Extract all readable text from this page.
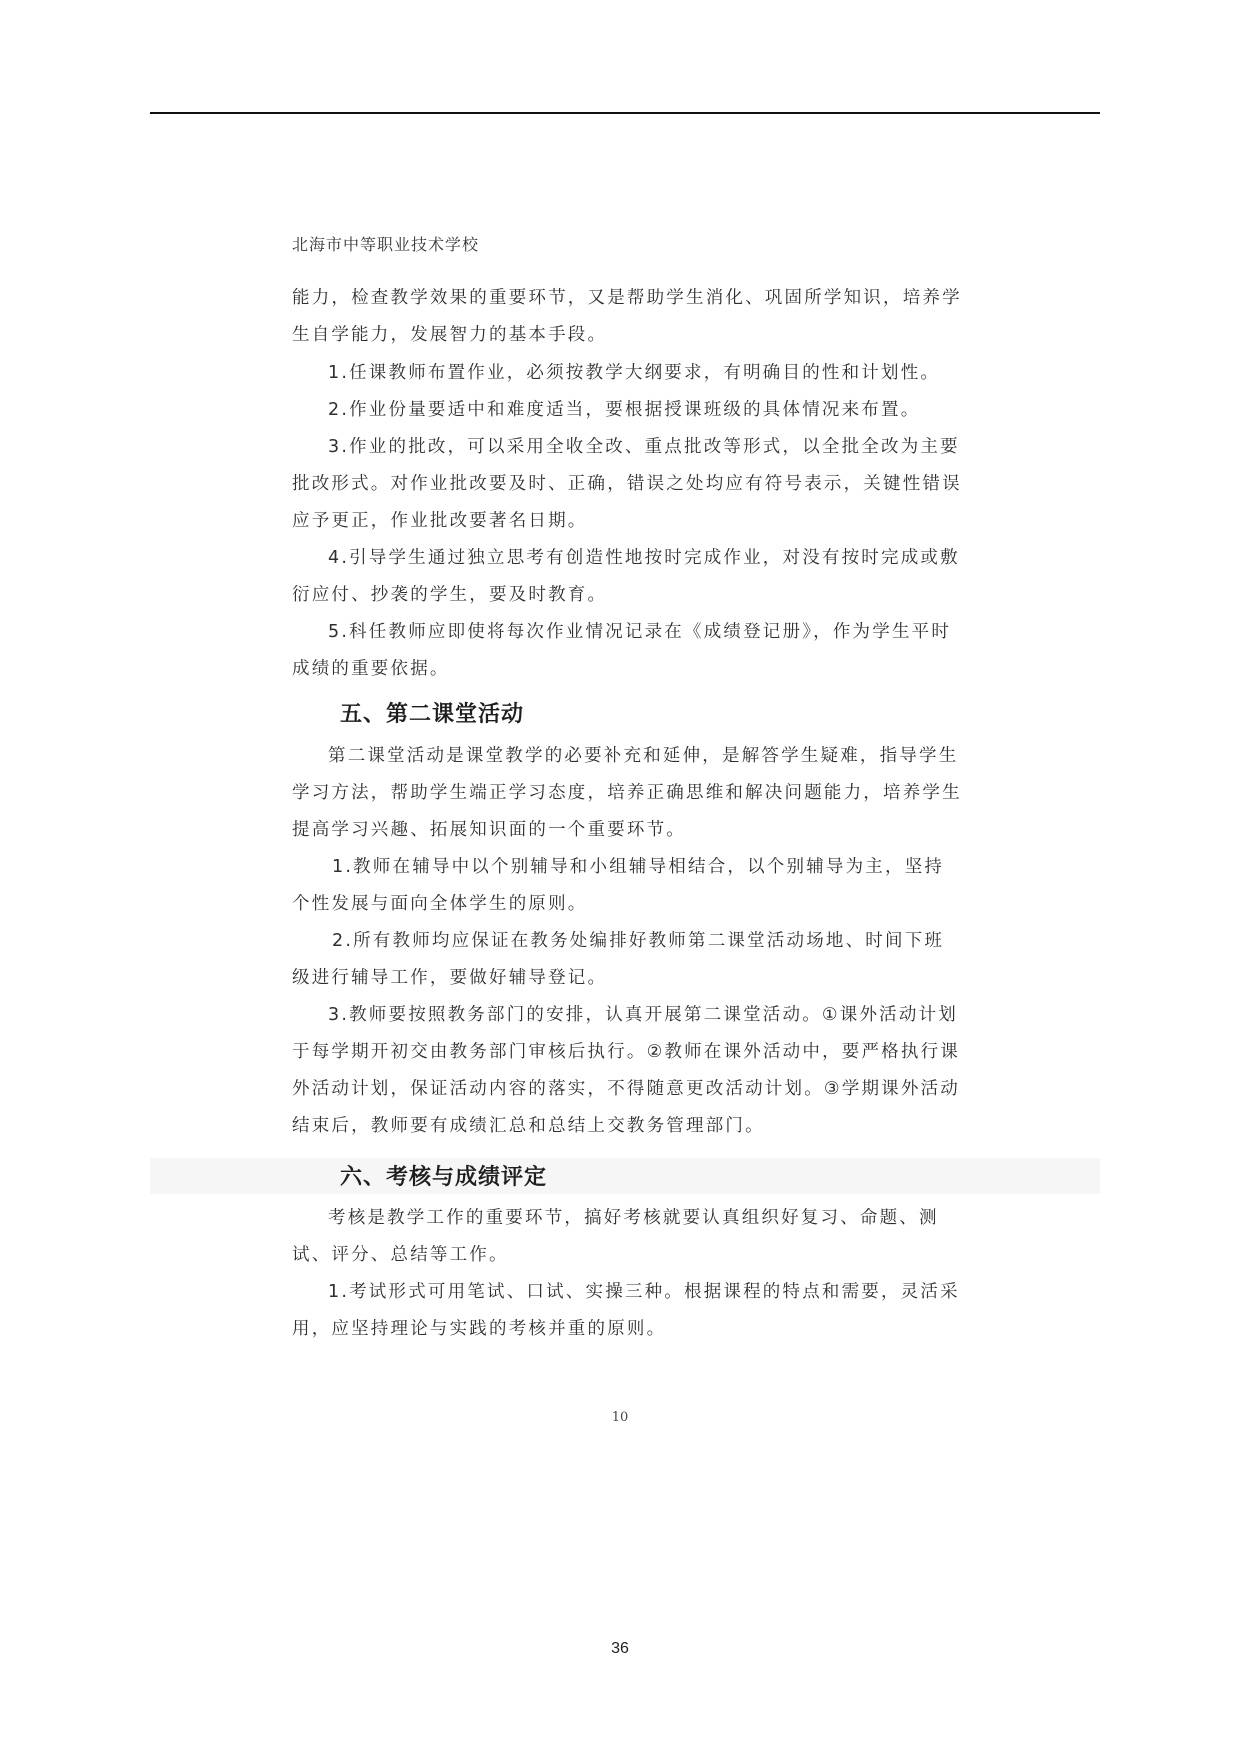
北海市中等职业技术学校

能力，检查教学效果的重要环节，又是帮助学生消化、巩固所学知识，培养学生自学能力，发展智力的基本手段。

1.任课教师布置作业，必须按教学大纲要求，有明确目的性和计划性。

2.作业份量要适中和难度适当，要根据授课班级的具体情况来布置。

3.作业的批改，可以采用全收全改、重点批改等形式，以全批全改为主要批改形式。对作业批改要及时、正确，错误之处均应有符号表示，关键性错误应予更正，作业批改要著名日期。

4.引导学生通过独立思考有创造性地按时完成作业，对没有按时完成或敷衍应付、抄袭的学生，要及时教育。

5.科任教师应即使将每次作业情况记录在《成绩登记册》，作为学生平时成绩的重要依据。

五、第二课堂活动

第二课堂活动是课堂教学的必要补充和延伸，是解答学生疑难，指导学生学习方法，帮助学生端正学习态度，培养正确思维和解决问题能力，培养学生提高学习兴趣、拓展知识面的一个重要环节。

1.教师在辅导中以个别辅导和小组辅导相结合，以个别辅导为主，坚持个性发展与面向全体学生的原则。

2.所有教师均应保证在教务处编排好教师第二课堂活动场地、时间下班级进行辅导工作，要做好辅导登记。

3.教师要按照教务部门的安排，认真开展第二课堂活动。①课外活动计划于每学期开初交由教务部门审核后执行。②教师在课外活动中，要严格执行课外活动计划，保证活动内容的落实，不得随意更改活动计划。③学期课外活动结束后，教师要有成绩汇总和总结上交教务管理部门。

六、考核与成绩评定

考核是教学工作的重要环节，搞好考核就要认真组织好复习、命题、测试、评分、总结等工作。

1.考试形式可用笔试、口试、实操三种。根据课程的特点和需要，灵活采用，应坚持理论与实践的考核并重的原则。

10
36
